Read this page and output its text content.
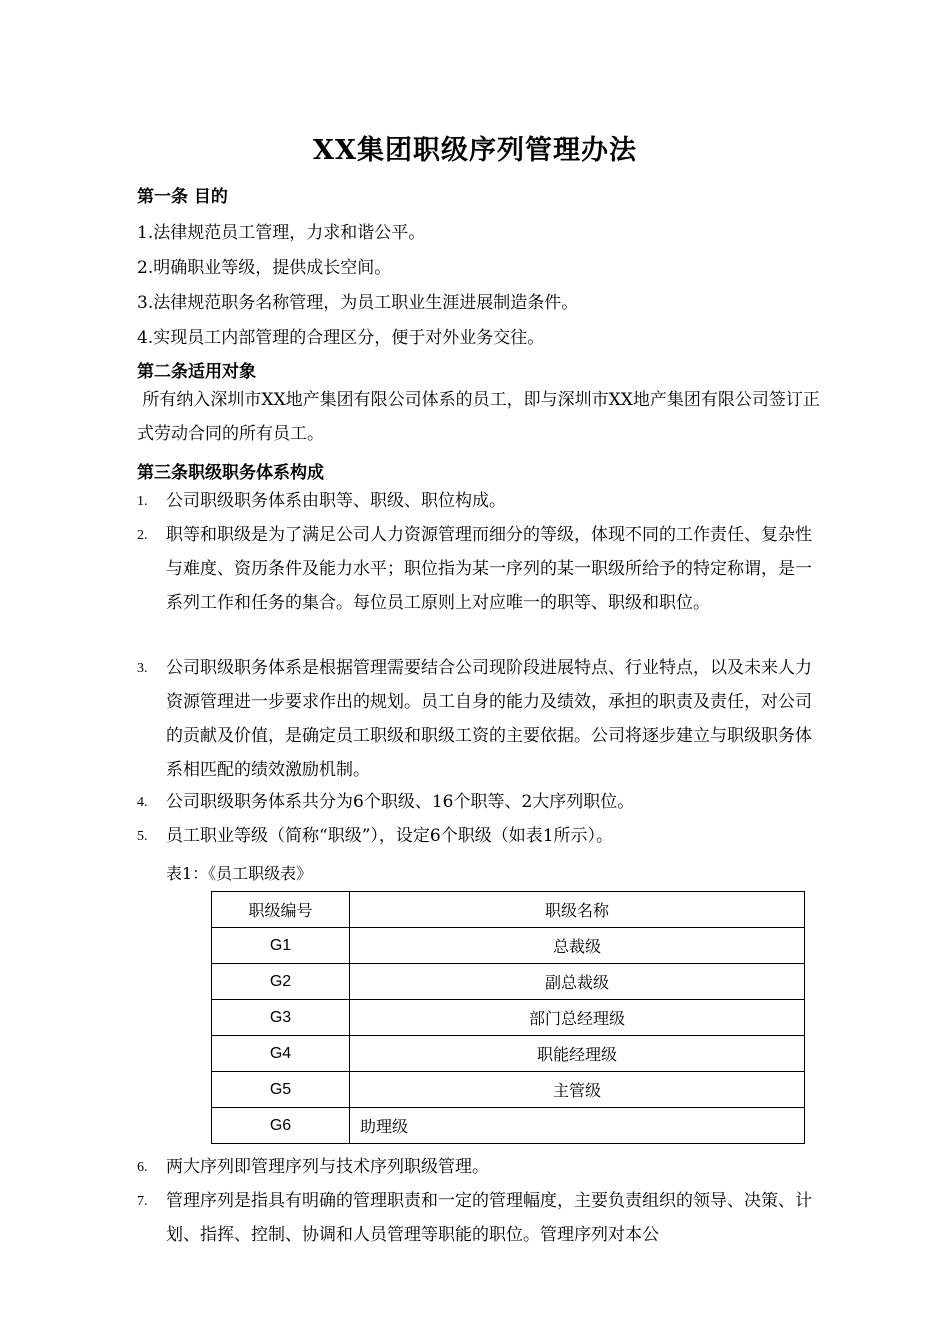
XX集团职级序列管理办法
第一条 目的
1.法律规范员工管理，力求和谐公平。
2.明确职业等级，提供成长空间。
3.法律规范职务名称管理，为员工职业生涯进展制造条件。
4.实现员工内部管理的合理区分，便于对外业务交往。
第二条适用对象
所有纳入深圳市XX地产集团有限公司体系的员工，即与深圳市XX地产集团有限公司签订正式劳动合同的所有员工。
第三条职级职务体系构成
1. 公司职级职务体系由职等、职级、职位构成。
2. 职等和职级是为了满足公司人力资源管理而细分的等级，体现不同的工作责任、复杂性与难度、资历条件及能力水平；职位指为某一序列的某一职级所给予的特定称谓，是一系列工作和任务的集合。每位员工原则上对应唯一的职等、职级和职位。
3. 公司职级职务体系是根据管理需要结合公司现阶段进展特点、行业特点，以及未来人力资源管理进一步要求作出的规划。员工自身的能力及绩效，承担的职责及责任，对公司的贡献及价值，是确定员工职级和职级工资的主要依据。公司将逐步建立与职级职务体系相匹配的绩效激励机制。
4. 公司职级职务体系共分为6个职级、16个职等、2大序列职位。
5. 员工职业等级（简称“职级”），设定6个职级（如表1所示）。
表1：《员工职级表》
职级编号	职级名称
G1	总裁级
G2	副总裁级
G3	部门总经理级
G4	职能经理级
G5	主管级
G6	助理级
6. 两大序列即管理序列与技术序列职级管理。
7. 管理序列是指具有明确的管理职责和一定的管理幅度，主要负责组织的领导、决策、计划、指挥、控制、协调和人员管理等职能的职位。管理序列对本公
